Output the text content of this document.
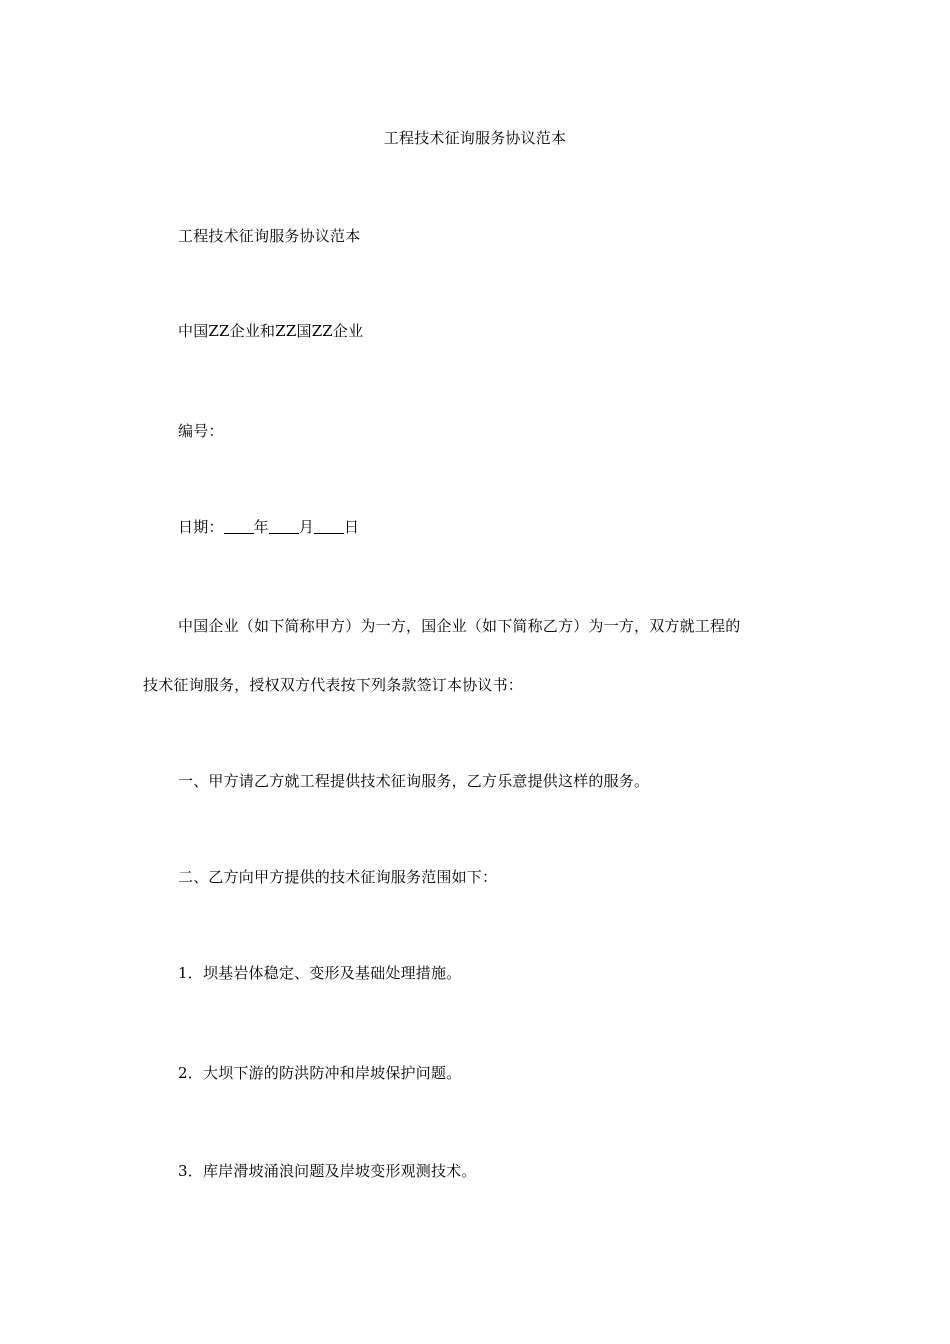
工程技术征询服务协议范本
工程技术征询服务协议范本
中国ZZ企业和ZZ国ZZ企业
编号：
日期： 年 月 日
中国企业（如下简称甲方）为一方，国企业（如下简称乙方）为一方，双方就工程的
技术征询服务，授权双方代表按下列条款签订本协议书：
一、甲方请乙方就工程提供技术征询服务，乙方乐意提供这样的服务。
二、乙方向甲方提供的技术征询服务范围如下：
1．坝基岩体稳定、变形及基础处理措施。
2．大坝下游的防洪防冲和岸坡保护问题。
3．库岸滑坡涌浪问题及岸坡变形观测技术。
